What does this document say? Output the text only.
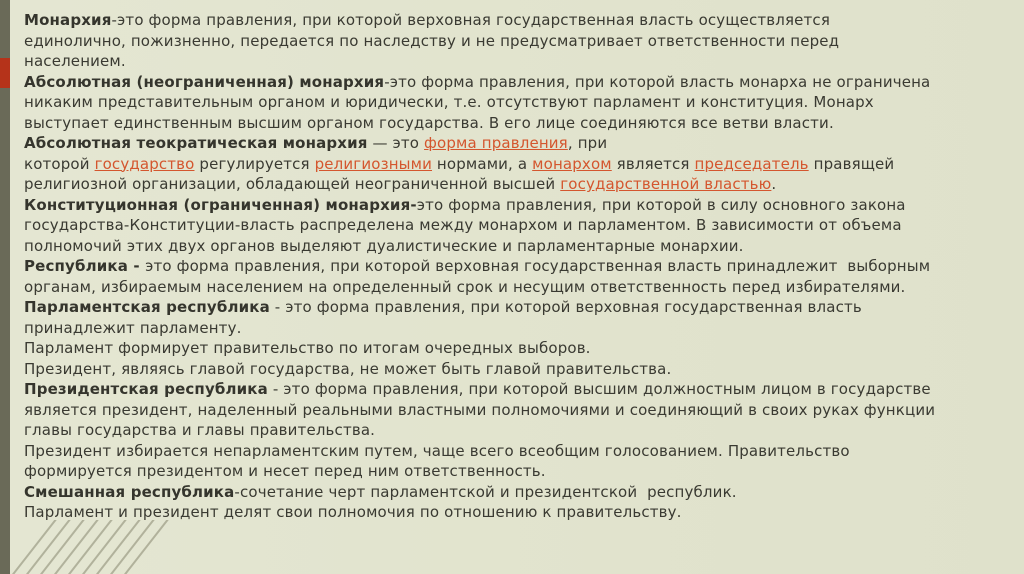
Монархия-это форма правления, при которой верховная государственная власть осуществляется
единолично, пожизненно, передается по наследству и не предусматривает ответственности перед
населением.
Абсолютная (неограниченная) монархия-это форма правления, при которой власть монарха не ограничена
никаким представительным органом и юридически, т.е. отсутствуют парламент и конституция. Монарх
выступает единственным высшим органом государства. В его лице соединяются все ветви власти.
Абсолютная теократическая монархия — это форма правления, при
которой государство регулируется религиозными нормами, а монархом является председатель правящей
религиозной организации, обладающей неограниченной высшей государственной властью.
Конституционная (ограниченная) монархия-это форма правления, при которой в силу основного закона
государства-Конституции-власть распределена между монархом и парламентом. В зависимости от объема
полномочий этих двух органов выделяют дуалистические и парламентарные монархии.
Республика - это форма правления, при которой верховная государственная власть принадлежит  выборным
органам, избираемым населением на определенный срок и несущим ответственность перед избирателями.
Парламентская республика - это форма правления, при которой верховная государственная власть
принадлежит парламенту.
Парламент формирует правительство по итогам очередных выборов.
Президент, являясь главой государства, не может быть главой правительства.
Президентская республика - это форма правления, при которой высшим должностным лицом в государстве
является президент, наделенный реальными властными полномочиями и соединяющий в своих руках функции
главы государства и главы правительства.
Президент избирается непарламентским путем, чаще всего всеобщим голосованием. Правительство
формируется президентом и несет перед ним ответственность.
Смешанная республика-сочетание черт парламентской и президентской  республик.
Парламент и президент делят свои полномочия по отношению к правительству.
